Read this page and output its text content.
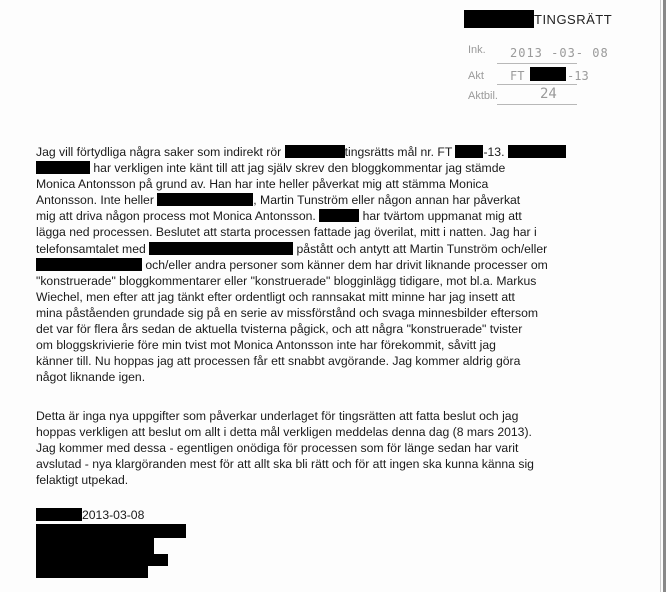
TINGSRÄTT
Ink. 2013 -03- 08
Akt FT	-13
Aktbil.	24
Jag vill förtydliga några saker som indirekt rör	tingsrätts mål nr. FT	-13.
har verkligen inte känt till att jag själv skrev den bloggkommentar jag stämde
Monica Antonsson på grund av. Han har inte heller påverkat mig att stämma Monica
Antonsson. Inte heller	, Martin Tunström eller någon annan har påverkat
mig att driva någon process mot Monica Antonsson.	har tvärtom uppmanat mig att
lägga ned processen. Beslutet att starta processen fattade jag överilat, mitt i natten. Jag har i
telefonsamtalet med	påstått och antytt att Martin Tunström och/eller
och/eller andra personer som känner dem har drivit liknande processer om
"konstruerade" bloggkommentarer eller "konstruerade" blogginlägg tidigare, mot bl.a. Markus
Wiechel, men efter att jag tänkt efter ordentligt och rannsakat mitt minne har jag insett att
mina påståenden grundade sig på en serie av missförstånd och svaga minnesbilder eftersom
det var för flera års sedan de aktuella tvisterna pågick, och att några "konstruerade" tvister
om bloggskrivierie före min tvist mot Monica Antonsson inte har förekommit, såvitt jag
känner till. Nu hoppas jag att processen får ett snabbt avgörande. Jag kommer aldrig göra
något liknande igen.
Detta är inga nya uppgifter som påverkar underlaget för tingsrätten att fatta beslut och jag
hoppas verkligen att beslut om allt i detta mål verkligen meddelas denna dag (8 mars 2013).
Jag kommer med dessa - egentligen onödiga för processen som för länge sedan har varit
avslutad - nya klargöranden mest för att allt ska bli rätt och för att ingen ska kunna känna sig
felaktigt utpekad.
2013-03-08
